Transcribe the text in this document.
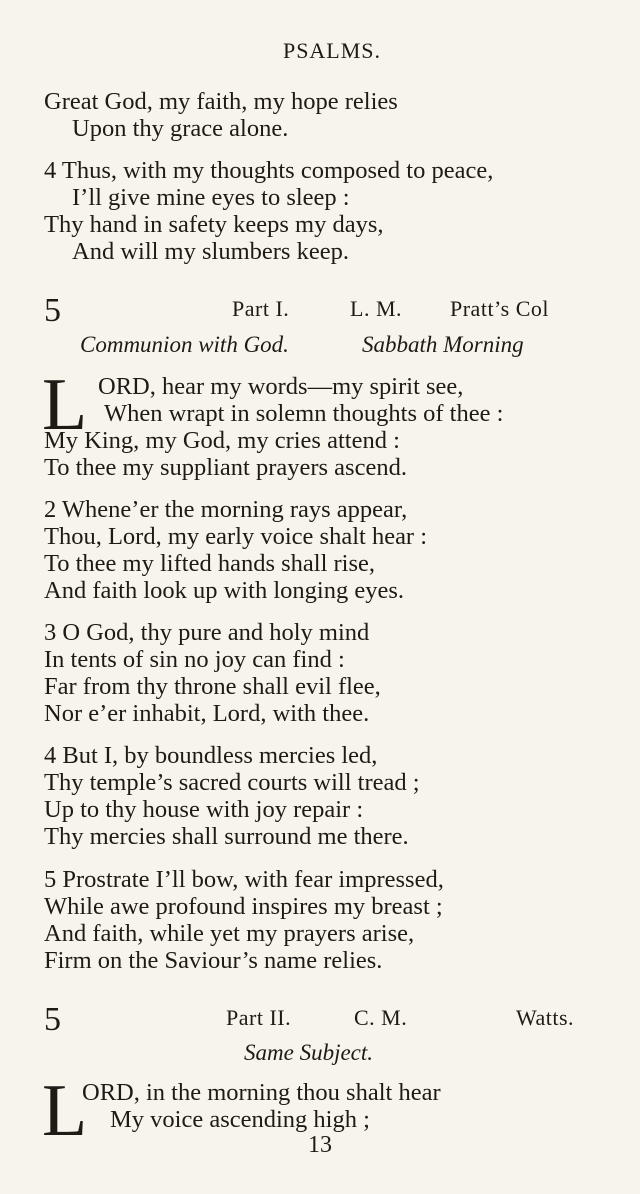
PSALMS.
Great God, my faith, my hope relies
Upon thy grace alone.
4 Thus, with my thoughts composed to peace,
I’ll give mine eyes to sleep :
Thy hand in safety keeps my days,
And will my slumbers keep.
5	Part I.	L. M. Pratt’s Col
Communion with God.	Sabbath Morning
L ORD, hear my words—my spirit see,
When wrapt in solemn thoughts of thee :
My King, my God, my cries attend :
To thee my suppliant prayers ascend.
2 Whene’er the morning rays appear,
Thou, Lord, my early voice shalt hear :
To thee my lifted hands shall rise,
And faith look up with longing eyes.
3 O God, thy pure and holy mind
In tents of sin no joy can find :
Far from thy throne shall evil flee,
Nor e’er inhabit, Lord, with thee.
4 But I, by boundless mercies led,
Thy temple’s sacred courts will tread ;
Up to thy house with joy repair :
Thy mercies shall surround me there.
5 Prostrate I’ll bow, with fear impressed,
While awe profound inspires my breast ;
And faith, while yet my prayers arise,
Firm on the Saviour’s name relies.
5	Part II.	C. M.	Watts.
Same Subject.
L
ORD, in the morning thou shalt hear
My voice ascending high ;
13
